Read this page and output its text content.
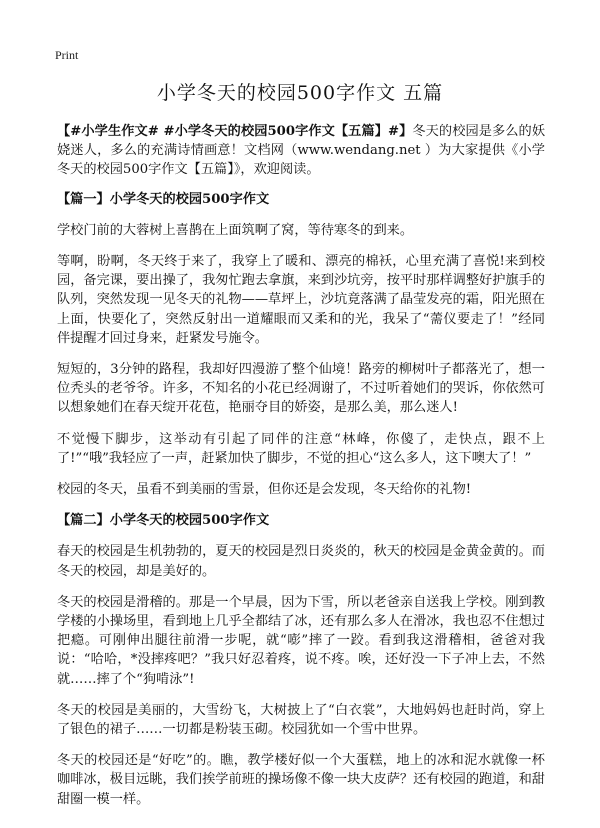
Print
小学冬天的校园500字作文 五篇

【#小学生作文# #小学冬天的校园500字作文【五篇】#】冬天的校园是多么的妖娆迷人，多么的充满诗情画意！文档网（www.wendang.net ）为大家提供《小学冬天的校园500字作文【五篇】》，欢迎阅读。

【篇一】小学冬天的校园500字作文

学校门前的大蓉树上喜鹊在上面筑啊了窝，等待寒冬的到来。

等啊，盼啊，冬天终于来了，我穿上了暖和、漂亮的棉袄，心里充满了喜悦!来到校园，备完课，要出操了，我匆忙跑去拿旗，来到沙坑旁，按平时那样调整好护旗手的队列，突然发现一见冬天的礼物——草坪上，沙坑竟落满了晶莹发亮的霜，阳光照在上面，快要化了，突然反射出一道耀眼而又柔和的光，我呆了“薷仪要走了！”经同伴提醒才回过身来，赶紧发号施令。

短短的，3分钟的路程，我却好四漫游了整个仙境！路旁的柳树叶子都落光了，想一位秃头的老爷爷。许多，不知名的小花已经凋谢了，不过听着她们的哭诉，你依然可以想象她们在春天绽开花苞，艳丽夺目的娇姿，是那么美，那么迷人!

不觉慢下脚步，这举动有引起了同伴的注意“林峰，你傻了，走快点，跟不上了!”“哦”我轻应了一声，赶紧加快了脚步，不觉的担心“这么多人，这下噢大了！”

校园的冬天，虽看不到美丽的雪景，但你还是会发现，冬天给你的礼物!

【篇二】小学冬天的校园500字作文

春天的校园是生机勃勃的，夏天的校园是烈日炎炎的，秋天的校园是金黄金黄的。而冬天的校园，却是美好的。

冬天的校园是滑稽的。那是一个早晨，因为下雪，所以老爸亲自送我上学校。刚到教学楼的小操场里，看到地上几乎全都结了冰，还有那么多人在滑冰，我也忍不住想过把瘾。可刚伸出腿往前滑一步呢，就“嘭”摔了一跤。看到我这滑稽相，爸爸对我说：“哈哈，*没摔疼吧？”我只好忍着疼，说不疼。唉，还好没一下子冲上去，不然就……摔了个“狗啃泳”!

冬天的校园是美丽的，大雪纷飞，大树披上了“白衣裳”，大地妈妈也赶时尚，穿上了银色的裙子……一切都是粉装玉砌。校园犹如一个雪中世界。

冬天的校园还是“好吃”的。瞧，教学楼好似一个大蛋糕，地上的冰和泥水就像一杯咖啡冰，极目远眺，我们挨学前班的操场像不像一块大皮萨？还有校园的跑道，和甜甜圈一模一样。
